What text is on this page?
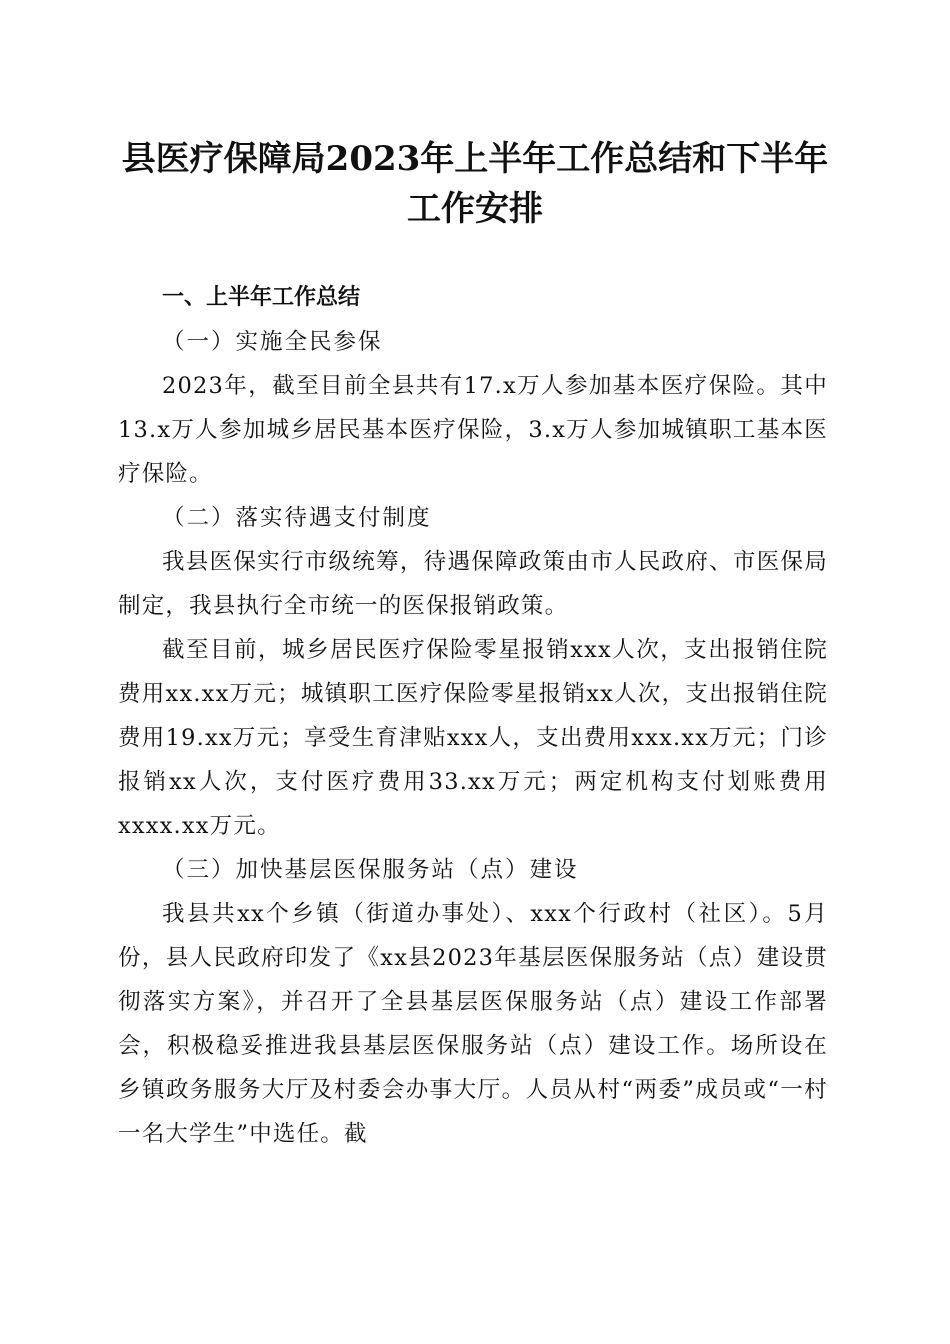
县医疗保障局2023年上半年工作总结和下半年工作安排
一、上半年工作总结
（一）实施全民参保

2023年，截至目前全县共有17.x万人参加基本医疗保险。其中13.x万人参加城乡居民基本医疗保险，3.x万人参加城镇职工基本医疗保险。

（二）落实待遇支付制度

我县医保实行市级统筹，待遇保障政策由市人民政府、市医保局制定，我县执行全市统一的医保报销政策。

截至目前，城乡居民医疗保险零星报销xxx人次，支出报销住院费用xx.xx万元；城镇职工医疗保险零星报销xx人次，支出报销住院费用19.xx万元；享受生育津贴xxx人，支出费用xxx.xx万元；门诊报销xx人次，支付医疗费用33.xx万元；两定机构支付划账费用xxxx.xx万元。

（三）加快基层医保服务站（点）建设

我县共xx个乡镇（街道办事处）、xxx个行政村（社区）。5月份，县人民政府印发了《xx县2023年基层医保服务站（点）建设贯彻落实方案》，并召开了全县基层医保服务站（点）建设工作部署会，积极稳妥推进我县基层医保服务站（点）建设工作。场所设在乡镇政务服务大厅及村委会办事大厅。人员从村“两委”成员或“一村一名大学生”中选任。截
